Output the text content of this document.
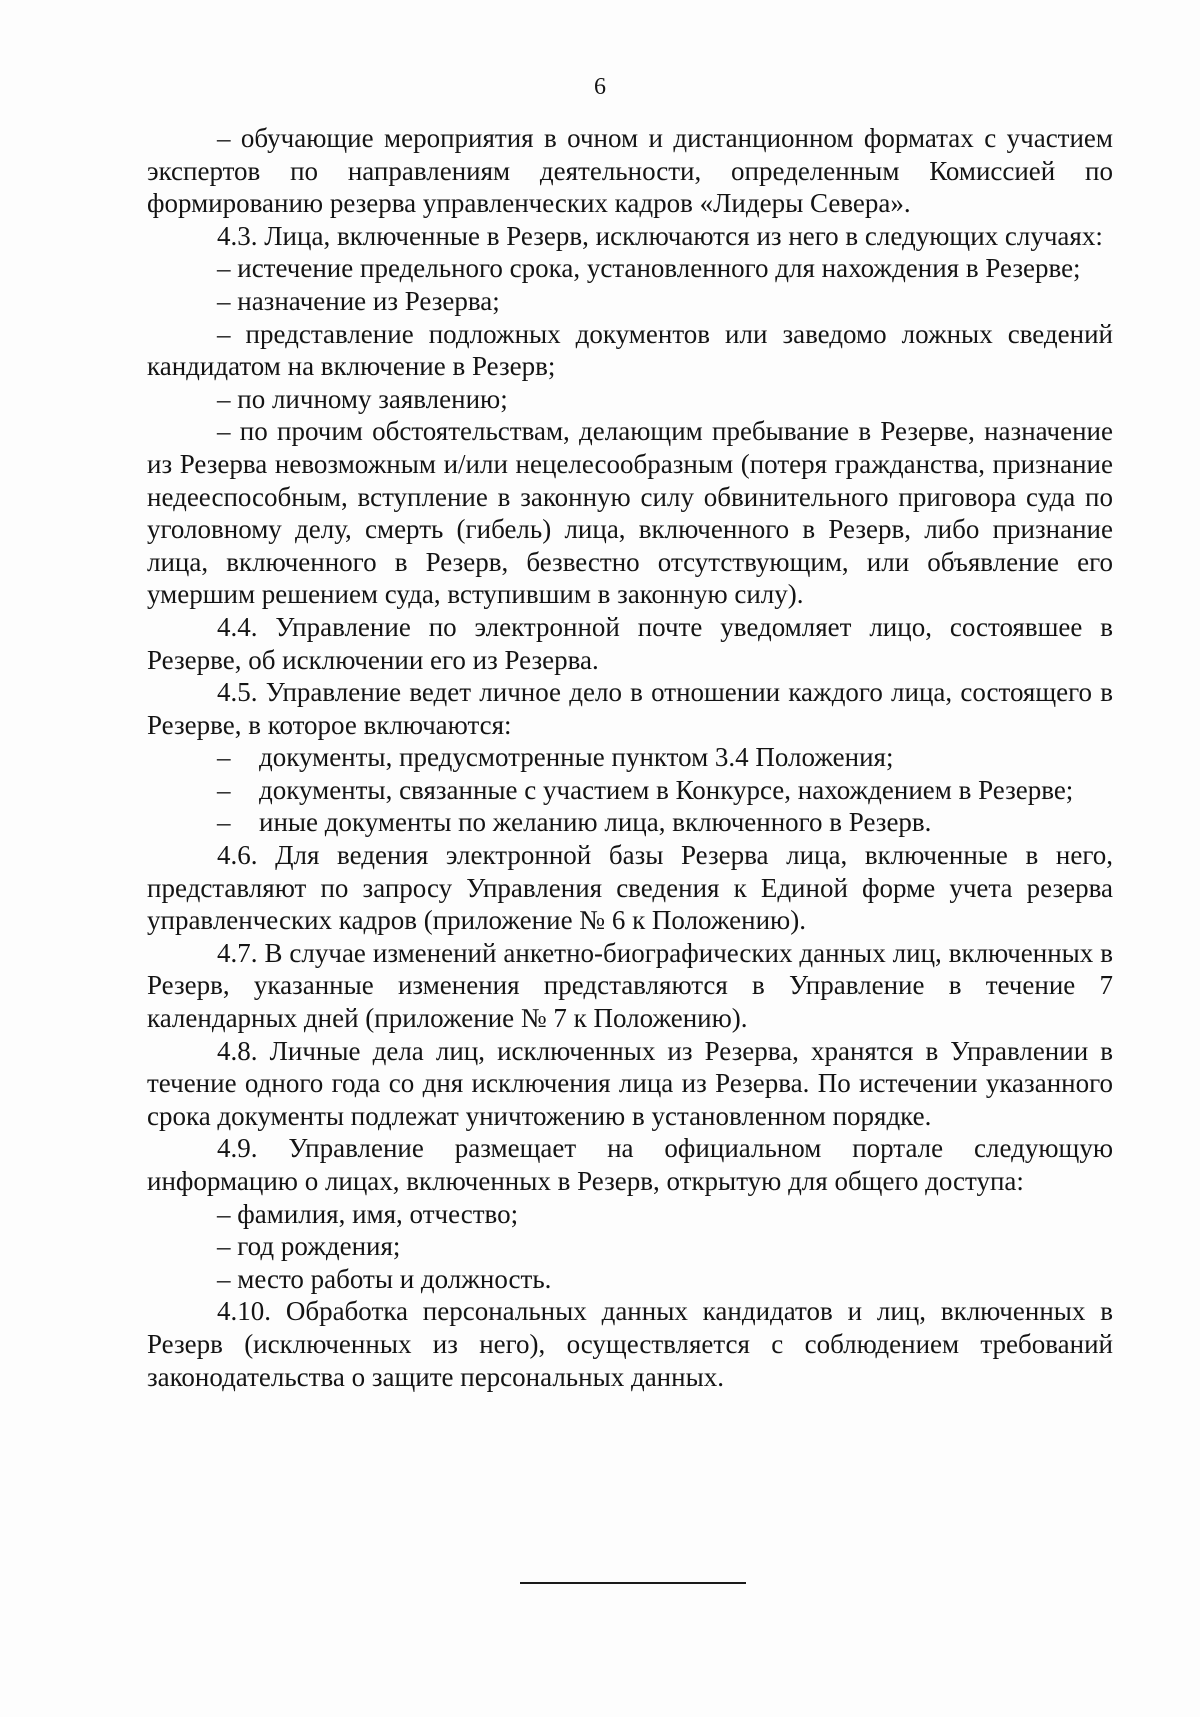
6

– обучающие мероприятия в очном и дистанционном форматах с участием экспертов по направлениям деятельности, определенным Комиссией по формированию резерва управленческих кадров «Лидеры Севера».

4.3. Лица, включенные в Резерв, исключаются из него в следующих случаях:

– истечение предельного срока, установленного для нахождения в Резерве;

– назначение из Резерва;

– представление подложных документов или заведомо ложных сведений кандидатом на включение в Резерв;

– по личному заявлению;

– по прочим обстоятельствам, делающим пребывание в Резерве, назначение из Резерва невозможным и/или нецелесообразным (потеря гражданства, признание недееспособным, вступление в законную силу обвинительного приговора суда по уголовному делу, смерть (гибель) лица, включенного в Резерв, либо признание лица, включенного в Резерв, безвестно отсутствующим, или объявление его умершим решением суда, вступившим в законную силу).

4.4. Управление по электронной почте уведомляет лицо, состоявшее в Резерве, об исключении его из Резерва.

4.5. Управление ведет личное дело в отношении каждого лица, состоящего в Резерве, в которое включаются:

– документы, предусмотренные пунктом 3.4 Положения;

– документы, связанные с участием в Конкурсе, нахождением в Резерве;

– иные документы по желанию лица, включенного в Резерв.

4.6. Для ведения электронной базы Резерва лица, включенные в него, представляют по запросу Управления сведения к Единой форме учета резерва управленческих кадров (приложение № 6 к Положению).

4.7. В случае изменений анкетно-биографических данных лиц, включенных в Резерв, указанные изменения представляются в Управление в течение 7 календарных дней (приложение № 7 к Положению).

4.8. Личные дела лиц, исключенных из Резерва, хранятся в Управлении в течение одного года со дня исключения лица из Резерва. По истечении указанного срока документы подлежат уничтожению в установленном порядке.

4.9. Управление размещает на официальном портале следующую информацию о лицах, включенных в Резерв, открытую для общего доступа:

– фамилия, имя, отчество;

– год рождения;

– место работы и должность.

4.10. Обработка персональных данных кандидатов и лиц, включенных в Резерв (исключенных из него), осуществляется с соблюдением требований законодательства о защите персональных данных.
